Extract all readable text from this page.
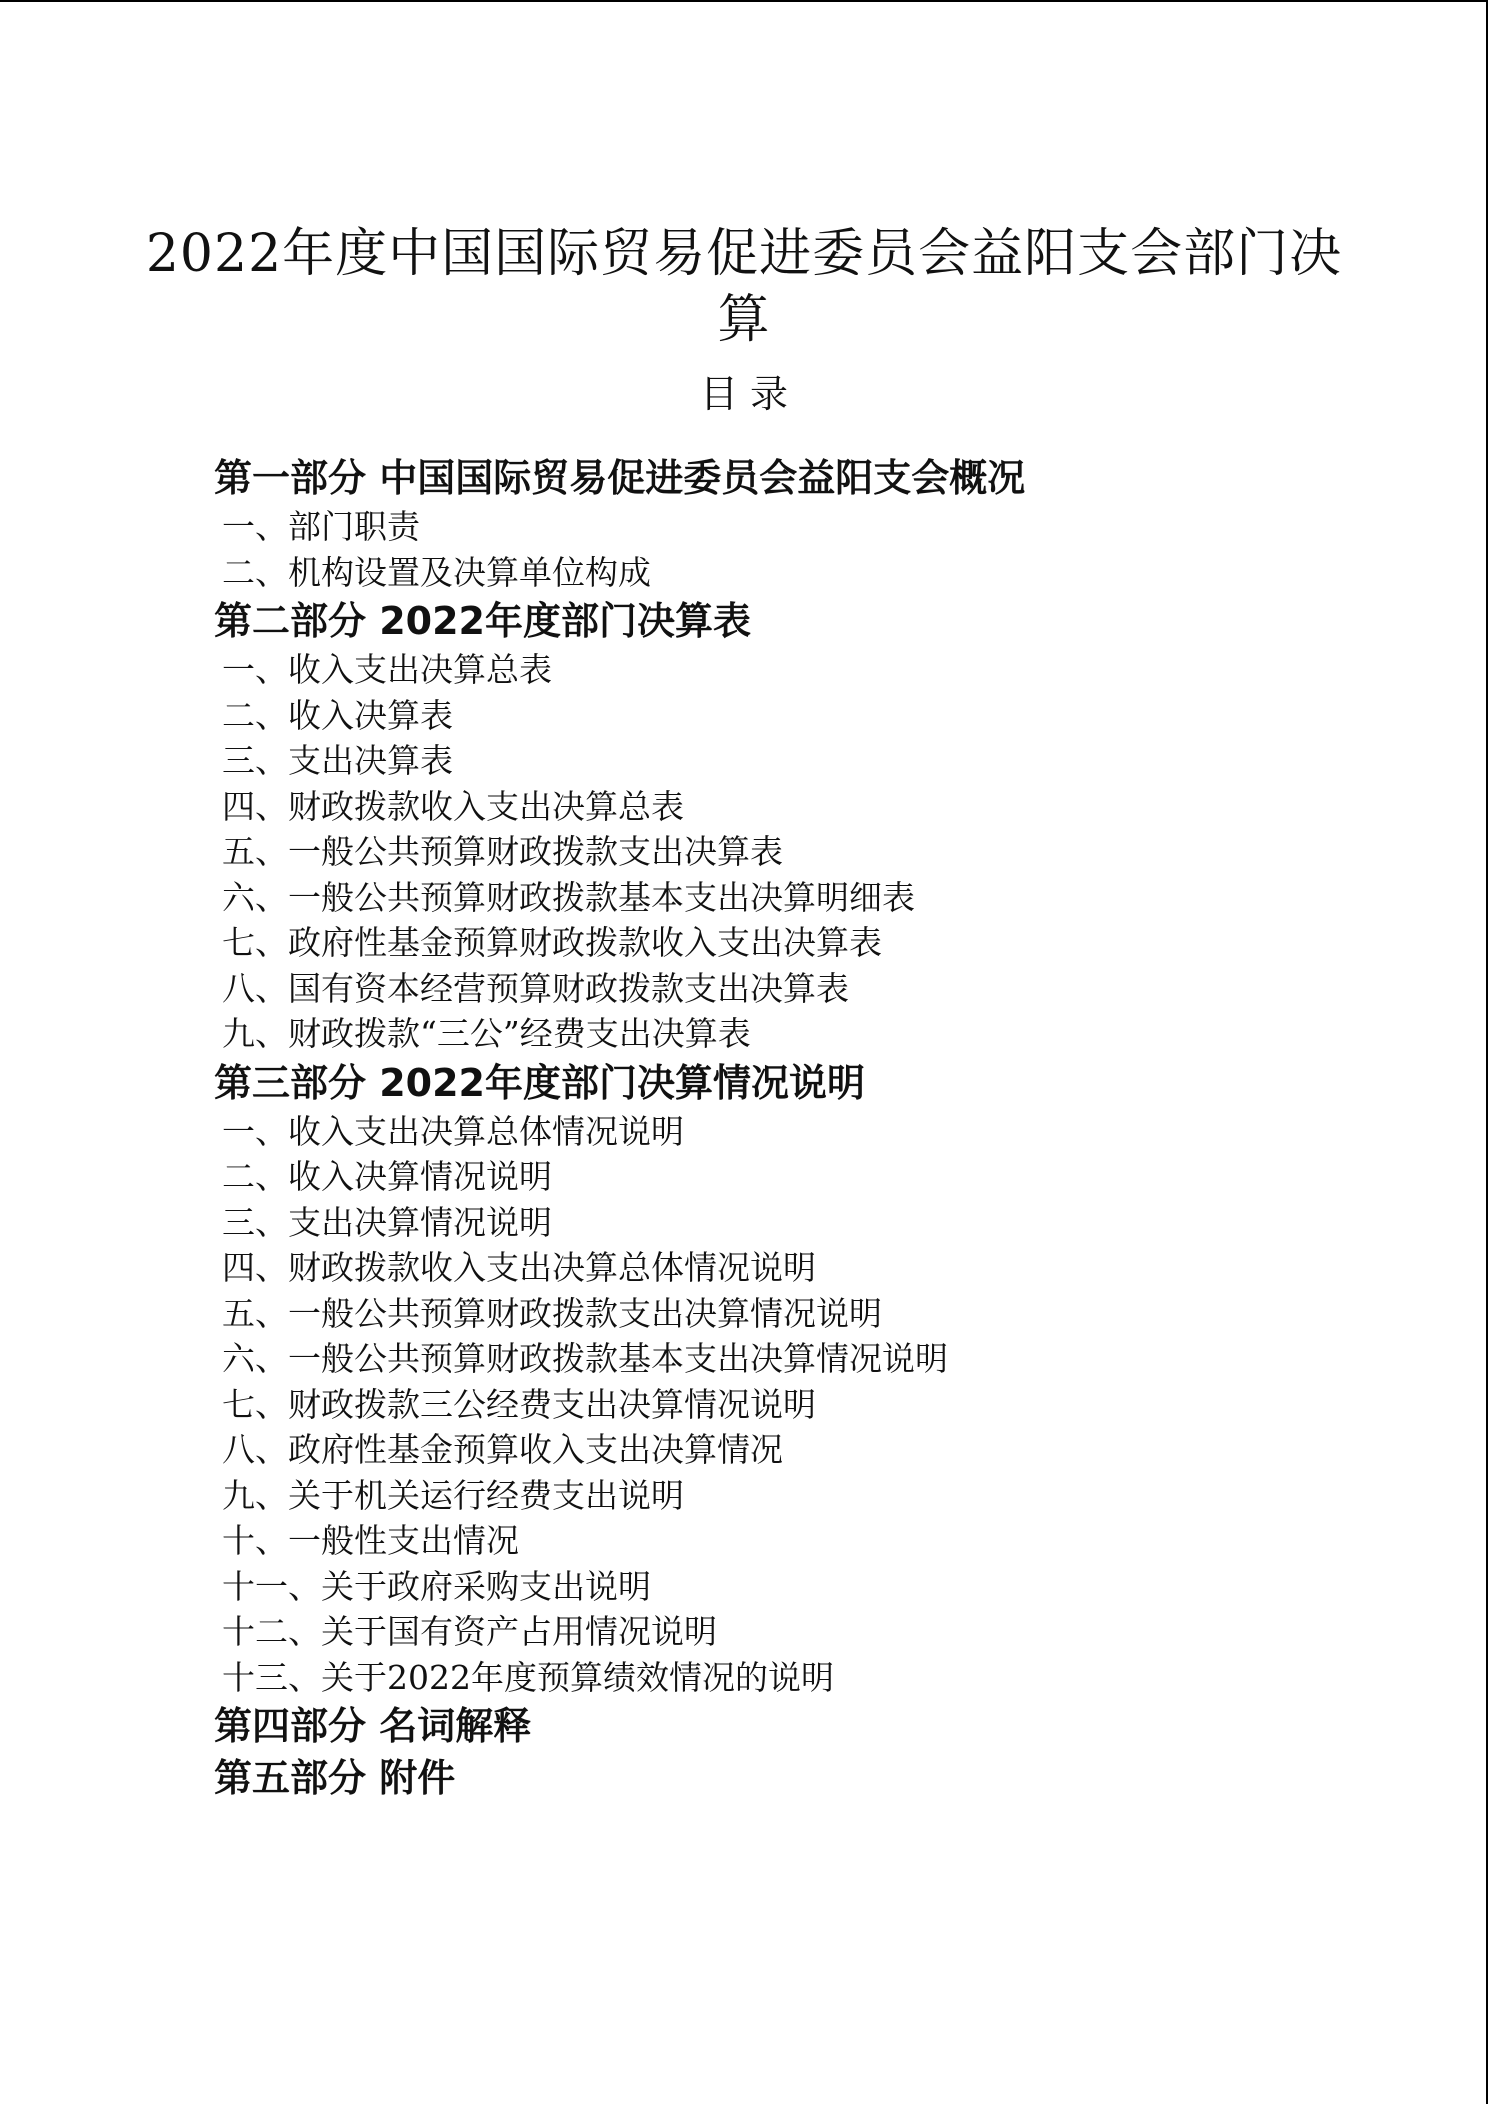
2022年度中国国际贸易促进委员会益阳支会部门决算
目 录
第一部分 中国国际贸易促进委员会益阳支会概况
一、部门职责
二、机构设置及决算单位构成
第二部分 2022年度部门决算表
一、收入支出决算总表
二、收入决算表
三、支出决算表
四、财政拨款收入支出决算总表
五、一般公共预算财政拨款支出决算表
六、一般公共预算财政拨款基本支出决算明细表
七、政府性基金预算财政拨款收入支出决算表
八、国有资本经营预算财政拨款支出决算表
九、财政拨款“三公”经费支出决算表
第三部分 2022年度部门决算情况说明
一、收入支出决算总体情况说明
二、收入决算情况说明
三、支出决算情况说明
四、财政拨款收入支出决算总体情况说明
五、一般公共预算财政拨款支出决算情况说明
六、一般公共预算财政拨款基本支出决算情况说明
七、财政拨款三公经费支出决算情况说明
八、政府性基金预算收入支出决算情况
九、关于机关运行经费支出说明
十、一般性支出情况
十一、关于政府采购支出说明
十二、关于国有资产占用情况说明
十三、关于2022年度预算绩效情况的说明
第四部分 名词解释
第五部分 附件
